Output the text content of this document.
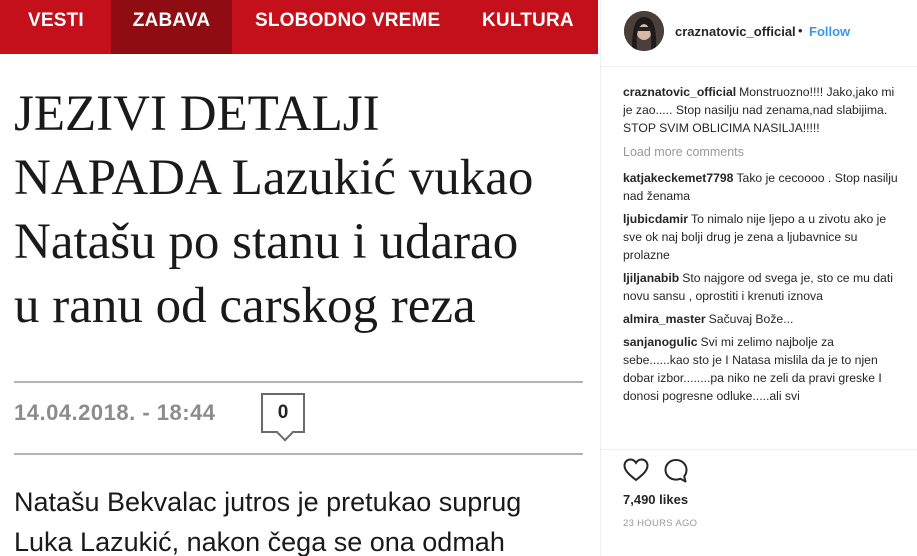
VESTI	ZABAVA	SLOBODNO VREME KULTURA
JEZIVI DETALJI
NAPADA Lazukić vukao
Natašu po stanu i udarao
u ranu od carskog reza
14.04.2018. - 18:44	0

Natašu Bekvalac jutros je pretukao suprug
Luka Lazukić, nakon čega se ona odmah

craznatovic_official • Follow
craznatovic_official Monstruozno!!!! Jako,jako mi je zao..... Stop nasilju nad zenama,nad slabijima. STOP SVIM OBLICIMA NASILJA!!!!!
Load more comments
katjakeckemet7798 Tako je cecoooo . Stop nasilju nad ženama
ljubicdamir To nimalo nije ljepo a u zivotu ako je sve ok naj bolji drug je zena a ljubavnice su prolazne
ljiljanabib Sto najgore od svega je, sto ce mu dati novu sansu , oprostiti i krenuti iznova
almira_master Sačuvaj Bože...
sanjanogulic Svi mi zelimo najbolje za sebe......kao sto je I Natasa mislila da je to njen dobar izbor........pa niko ne zeli da pravi greske I donosi pogresne odluke.....ali svi
7,490 likes
23 HOURS AGO
